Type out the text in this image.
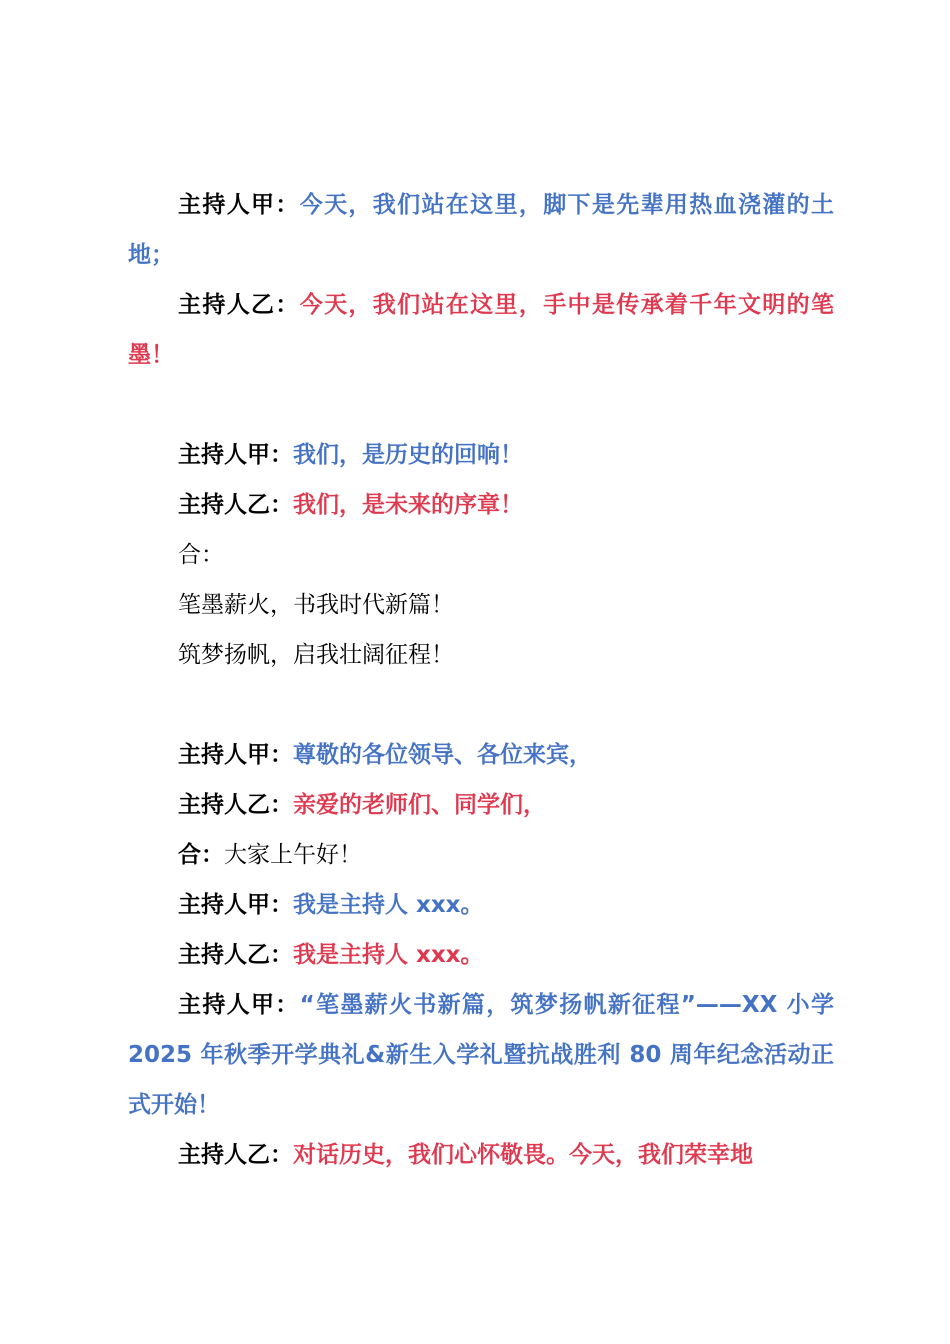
主持人甲：今天，我们站在这里，脚下是先辈用热血浇灌的土地；

主持人乙：今天，我们站在这里，手中是传承着千年文明的笔墨！

主持人甲：我们，是历史的回响！

主持人乙：我们，是未来的序章！

合：

笔墨薪火，书我时代新篇！

筑梦扬帆，启我壮阔征程！

主持人甲：尊敬的各位领导、各位来宾，

主持人乙：亲爱的老师们、同学们，

合：大家上午好！

主持人甲：我是主持人 xxx。

主持人乙：我是主持人 xxx。

主持人甲：“笔墨薪火书新篇，筑梦扬帆新征程”——XX 小学 2025 年秋季开学典礼&新生入学礼暨抗战胜利 80 周年纪念活动正式开始！

主持人乙：对话历史，我们心怀敬畏。今天，我们荣幸地
